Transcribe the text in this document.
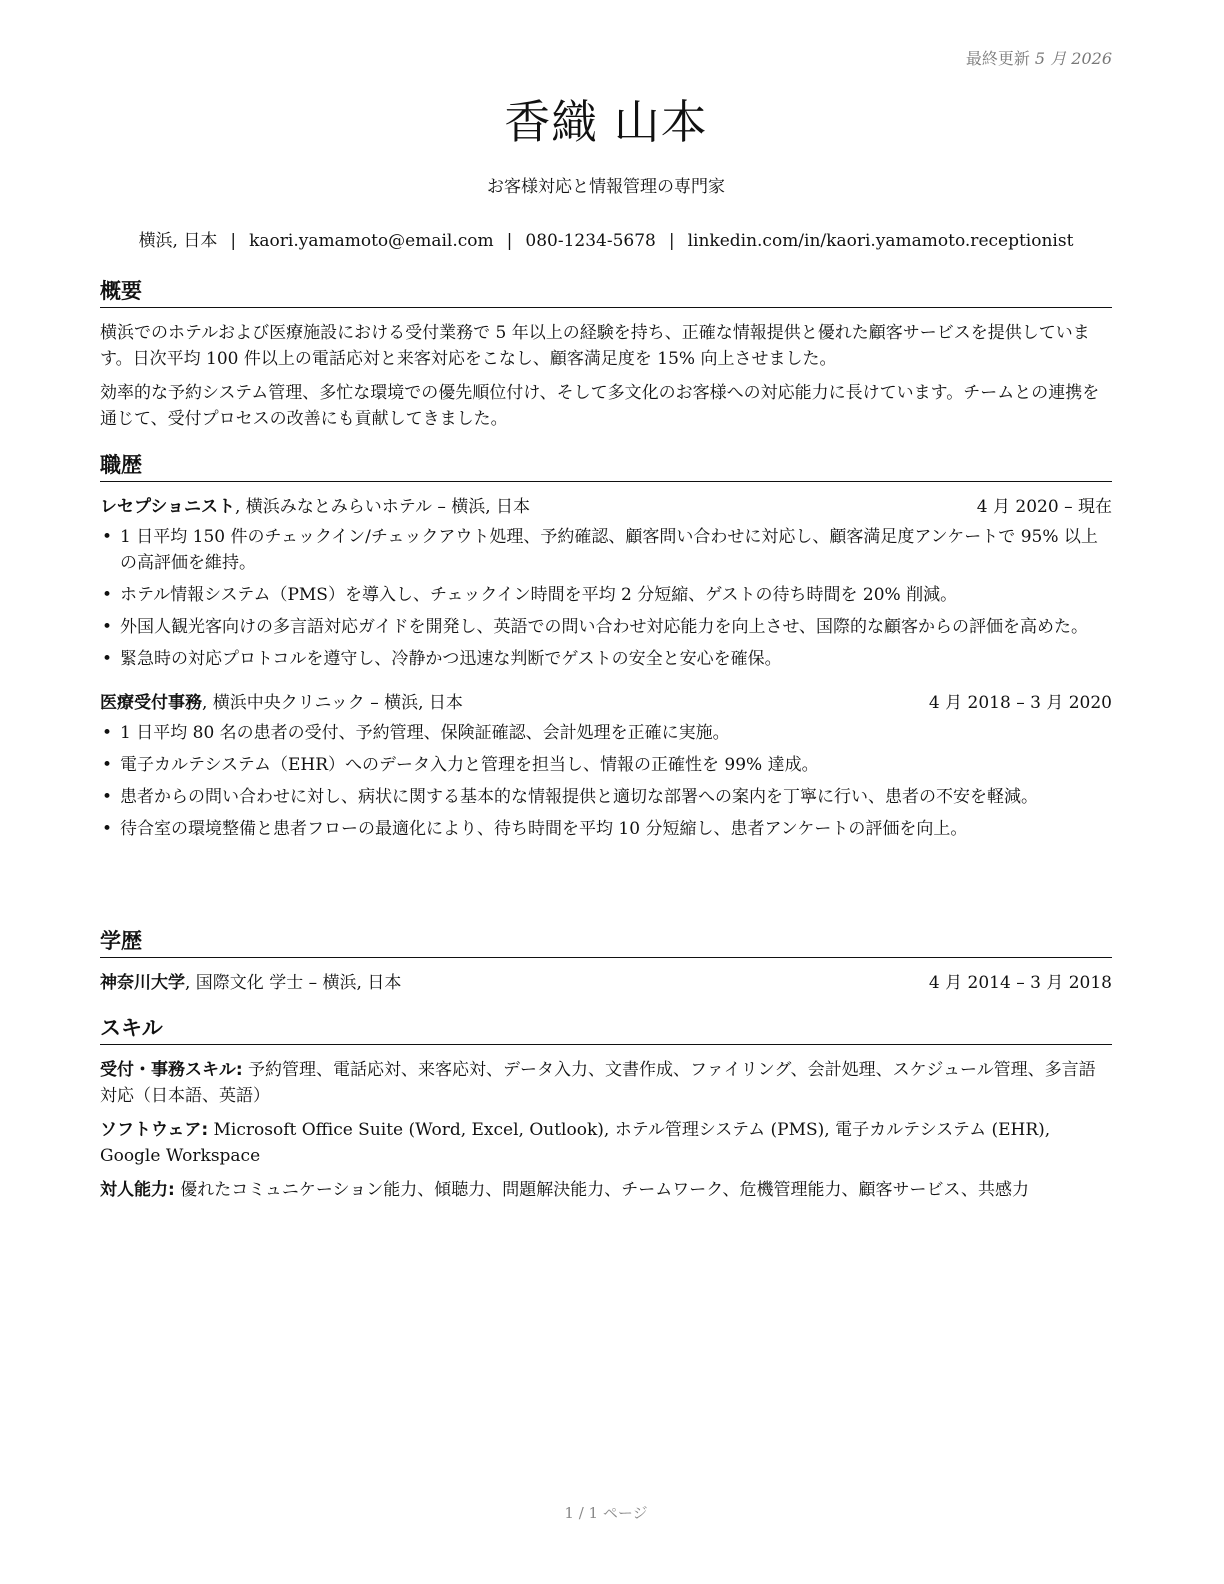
最終更新 5 月 2026
香織 山本
お客様対応と情報管理の専門家
横浜, 日本 | kaori.yamamoto@email.com | 080-1234-5678 | linkedin.com/in/kaori.yamamoto.receptionist
概要

横浜でのホテルおよび医療施設における受付業務で 5 年以上の経験を持ち、正確な情報提供と優れた顧客サービスを提供しています。日次平均 100 件以上の電話応対と来客対応をこなし、顧客満足度を 15% 向上させました。

効率的な予約システム管理、多忙な環境での優先順位付け、そして多文化のお客様への対応能力に長けています。チームとの連携を通じて、受付プロセスの改善にも貢献してきました。

職歴
レセプショニスト, 横浜みなとみらいホテル – 横浜, 日本	4 月 2020 – 現在
• 1 日平均 150 件のチェックイン/チェックアウト処理、予約確認、顧客問い合わせに対応し、顧客満足度アンケートで 95% 以上の高評価を維持。
• ホテル情報システム（PMS）を導入し、チェックイン時間を平均 2 分短縮、ゲストの待ち時間を 20% 削減。
• 外国人観光客向けの多言語対応ガイドを開発し、英語での問い合わせ対応能力を向上させ、国際的な顧客からの評価を高めた。
• 緊急時の対応プロトコルを遵守し、冷静かつ迅速な判断でゲストの安全と安心を確保。
医療受付事務, 横浜中央クリニック – 横浜, 日本	4 月 2018 – 3 月 2020
• 1 日平均 80 名の患者の受付、予約管理、保険証確認、会計処理を正確に実施。
• 電子カルテシステム（EHR）へのデータ入力と管理を担当し、情報の正確性を 99% 達成。
• 患者からの問い合わせに対し、病状に関する基本的な情報提供と適切な部署への案内を丁寧に行い、患者の不安を軽減。
• 待合室の環境整備と患者フローの最適化により、待ち時間を平均 10 分短縮し、患者アンケートの評価を向上。
学歴
神奈川大学, 国際文化 学士 – 横浜, 日本	4 月 2014 – 3 月 2018
スキル

受付・事務スキル: 予約管理、電話応対、来客応対、データ入力、文書作成、ファイリング、会計処理、スケジュール管理、多言語対応（日本語、英語）

ソフトウェア: Microsoft Office Suite (Word, Excel, Outlook), ホテル管理システム (PMS), 電子カルテシステム (EHR), Google Workspace

対人能力: 優れたコミュニケーション能力、傾聴力、問題解決能力、チームワーク、危機管理能力、顧客サービス、共感力

1 / 1 ページ
